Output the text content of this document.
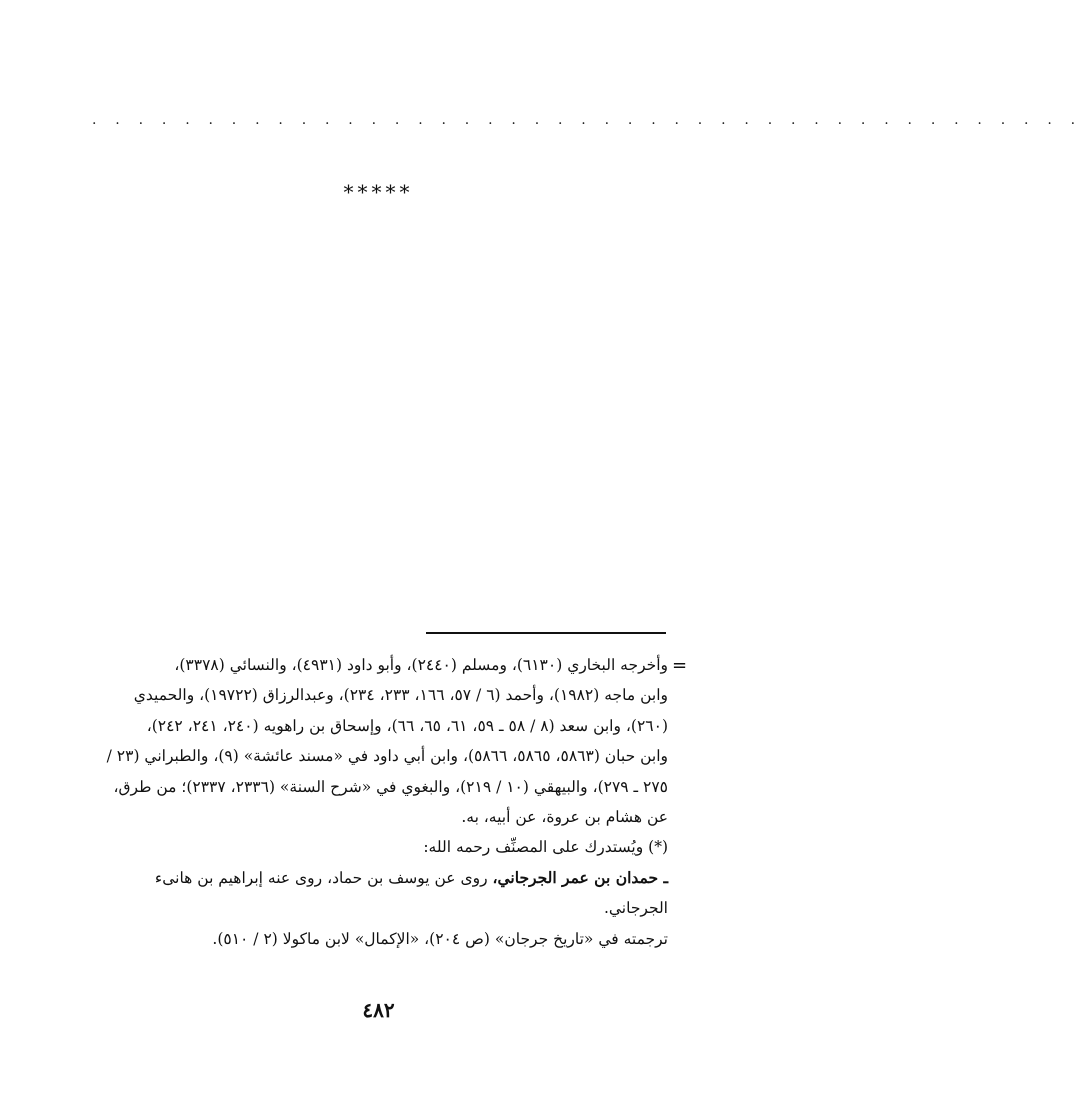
. . . . . . . . . . . . . . . . . . . . . . . . . . . . . . . . . . . . . . . . . . .
*****
=
وأخرجه البخاري (٦١٣٠)، ومسلم (٢٤٤٠)، وأبو داود (٤٩٣١)، والنسائي (٣٣٧٨)،
وابن ماجه (١٩٨٢)، وأحمد (٦ / ٥٧، ١٦٦، ٢٣٣، ٢٣٤)، وعبدالرزاق (١٩٧٢٢)، والحميدي
(٢٦٠)، وابن سعد (٨ / ٥٨ ـ ٥٩، ٦١، ٦٥، ٦٦)، وإسحاق بن راهويه (٢٤٠، ٢٤١، ٢٤٢)،
وابن حبان (٥٨٦٣، ٥٨٦٥، ٥٨٦٦)، وابن أبي داود في «مسند عائشة» (٩)، والطبراني (٢٣ /
٢٧٥ ـ ٢٧٩)، والبيهقي (١٠ / ٢١٩)، والبغوي في «شرح السنة» (٢٣٣٦، ٢٣٣٧)؛ من طرق،
عن هشام بن عروة، عن أبيه، به.
(*) ويُستدرك على المصنِّف رحمه الله:
ـ حمدان بن عمر الجرجاني، روى عن يوسف بن حماد، روى عنه إبراهيم بن هانىء
الجرجاني.
ترجمته في «تاريخ جرجان» (ص ٢٠٤)، «الإكمال» لابن ماكولا (٢ / ٥١٠).
٤٨٢
